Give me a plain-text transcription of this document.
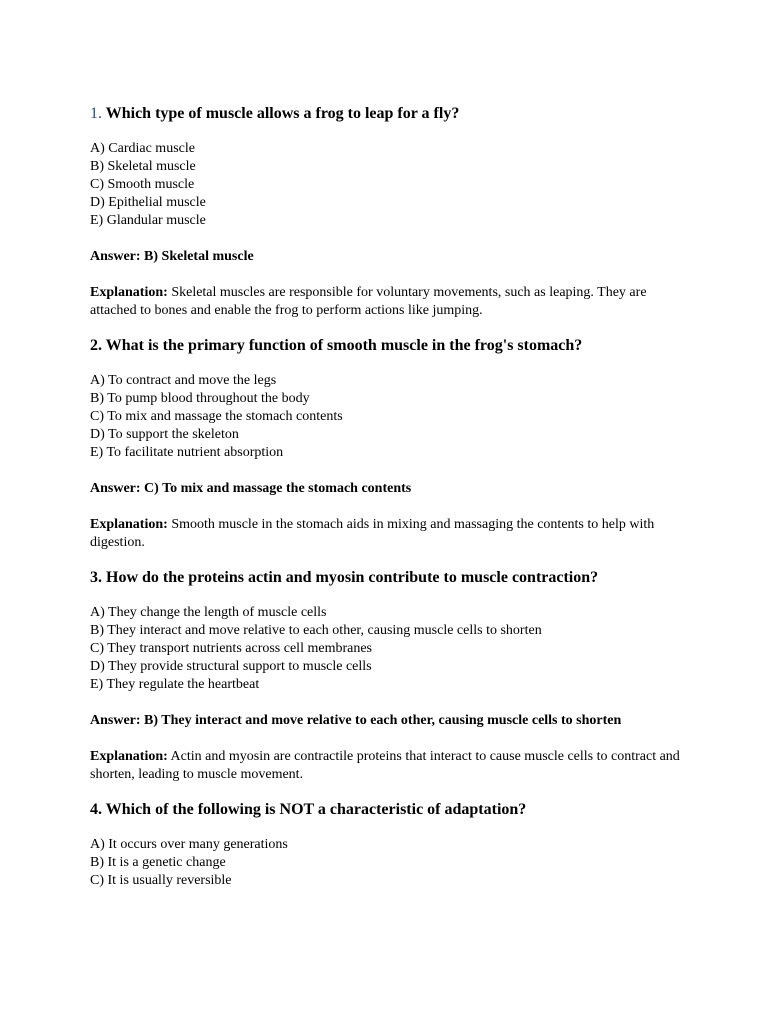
1. Which type of muscle allows a frog to leap for a fly?
A) Cardiac muscle
B) Skeletal muscle
C) Smooth muscle
D) Epithelial muscle
E) Glandular muscle
Answer: B) Skeletal muscle
Explanation: Skeletal muscles are responsible for voluntary movements, such as leaping. They are attached to bones and enable the frog to perform actions like jumping.
2. What is the primary function of smooth muscle in the frog's stomach?
A) To contract and move the legs
B) To pump blood throughout the body
C) To mix and massage the stomach contents
D) To support the skeleton
E) To facilitate nutrient absorption
Answer: C) To mix and massage the stomach contents
Explanation: Smooth muscle in the stomach aids in mixing and massaging the contents to help with digestion.
3. How do the proteins actin and myosin contribute to muscle contraction?
A) They change the length of muscle cells
B) They interact and move relative to each other, causing muscle cells to shorten
C) They transport nutrients across cell membranes
D) They provide structural support to muscle cells
E) They regulate the heartbeat
Answer: B) They interact and move relative to each other, causing muscle cells to shorten
Explanation: Actin and myosin are contractile proteins that interact to cause muscle cells to contract and shorten, leading to muscle movement.
4. Which of the following is NOT a characteristic of adaptation?
A) It occurs over many generations
B) It is a genetic change
C) It is usually reversible
